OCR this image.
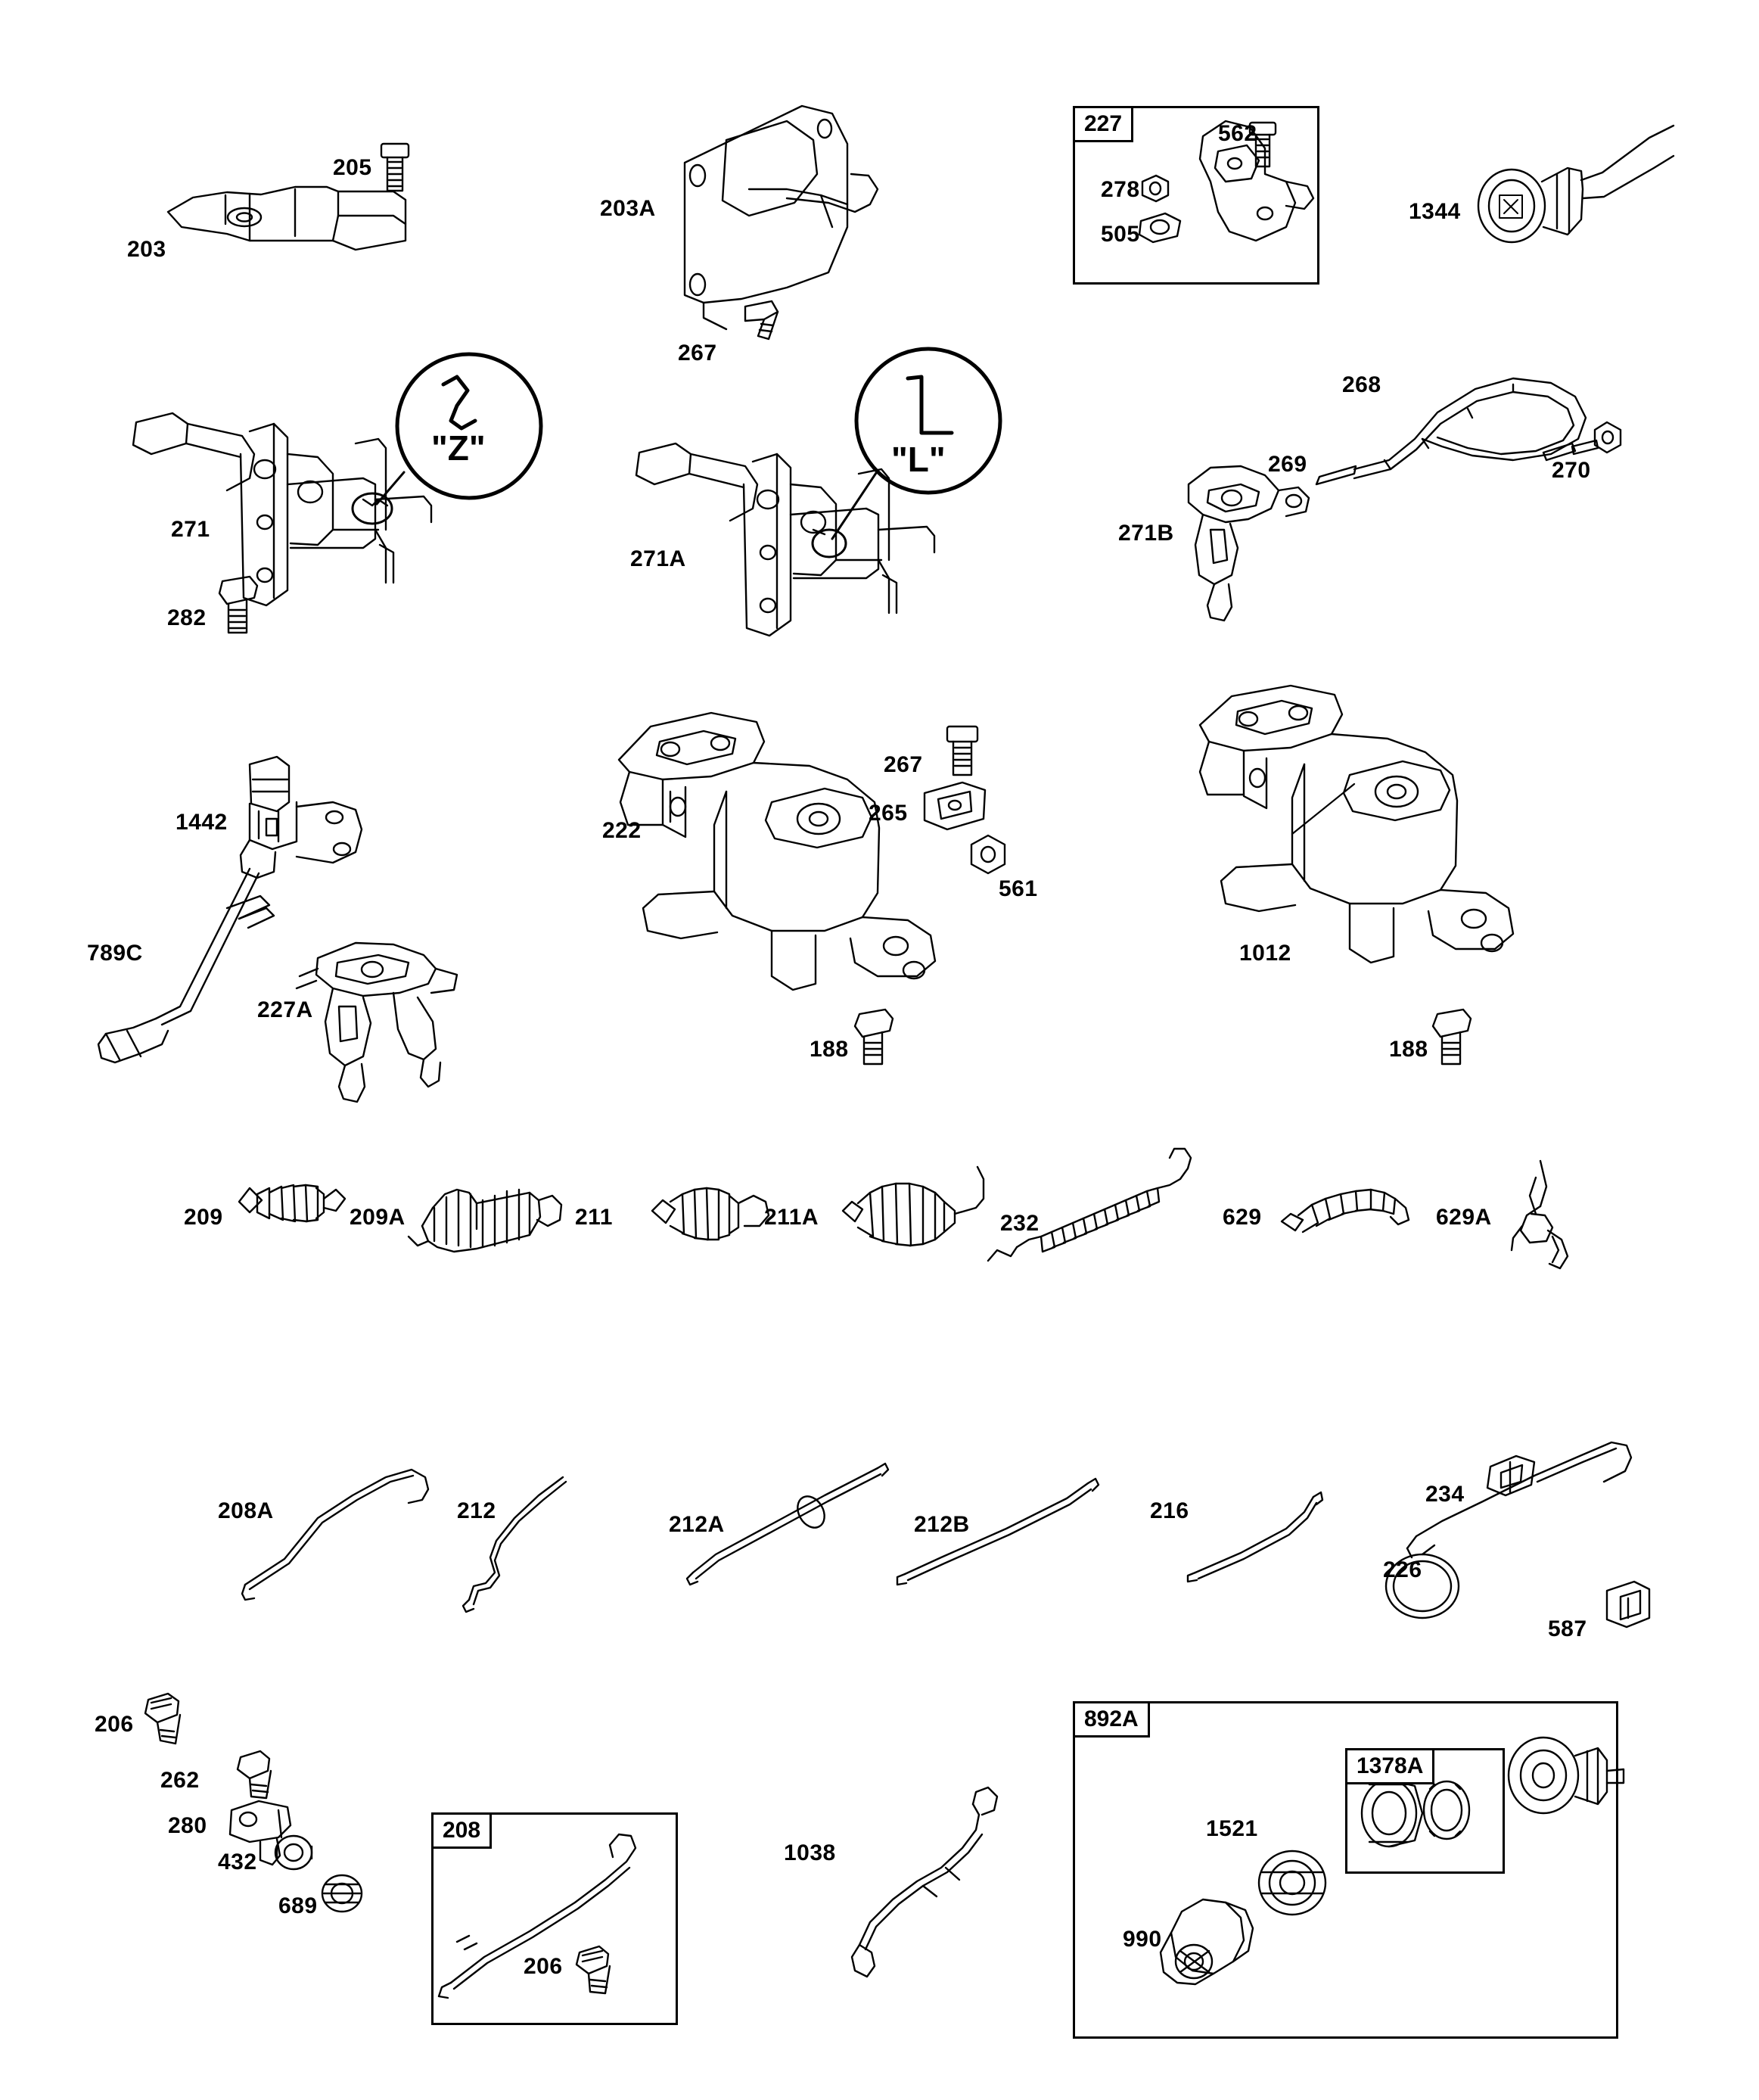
227
208
892A
1378A
"Z"	"L"
205
203
203A
267
278
505
562
1344
271
282
271A
271B
269
268
270
1442
789C
227A
222
267
265
561
188
1012
188
209	209A	211	211A	232	629	629A
208A	212
212A	212B
216
234
226
587
206
262
280
432
689
206
1038
1521
990
